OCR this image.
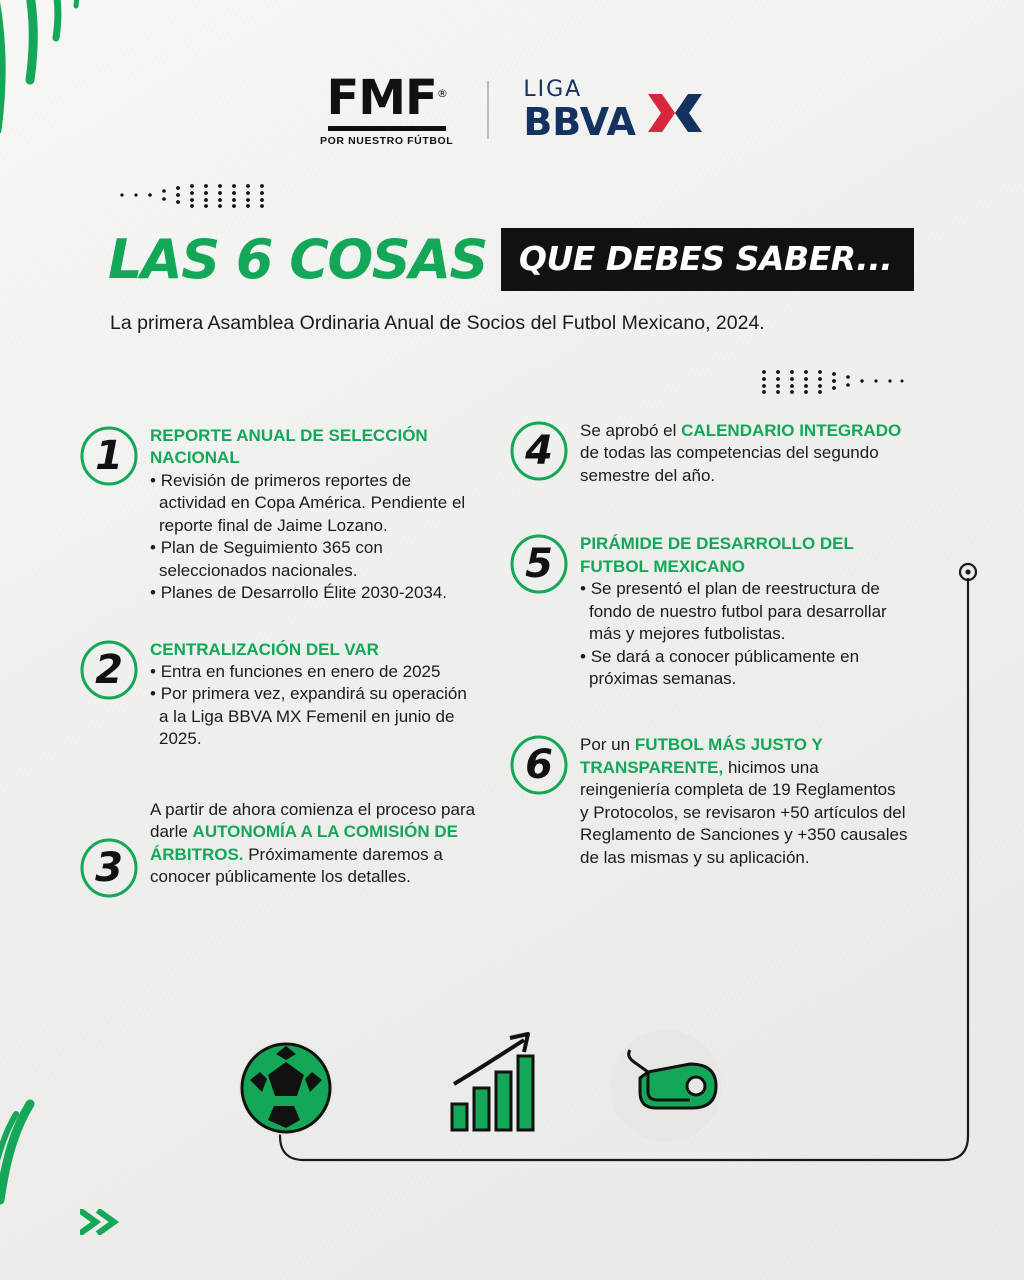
FMF®
POR NUESTRO FÚTBOL
LIGA
BBVA
LAS 6 COSAS QUE DEBES SABER...
La primera Asamblea Ordinaria Anual de Socios del Futbol Mexicano, 2024.
1	REPORTE ANUAL DE SELECCIÓN NACIONAL
• Revisión de primeros reportes de actividad en Copa América. Pendiente el reporte final de Jaime Lozano.
• Plan de Seguimiento 365 con seleccionados nacionales.
• Planes de Desarrollo Élite 2030-2034.
2	CENTRALIZACIÓN DEL VAR
• Entra en funciones en enero de 2025
• Por primera vez, expandirá su operación a la Liga BBVA MX Femenil en junio de 2025.
3
A partir de ahora comienza el proceso para darle AUTONOMÍA A LA COMISIÓN DE ÁRBITROS. Próximamente daremos a conocer públicamente los detalles.
4	Se aprobó el CALENDARIO INTEGRADO de todas las competencias del segundo semestre del año.
5	PIRÁMIDE DE DESARROLLO DEL FUTBOL MEXICANO
• Se presentó el plan de reestructura de fondo de nuestro futbol para desarrollar más y mejores futbolistas.
• Se dará a conocer públicamente en próximas semanas.
6	Por un FUTBOL MÁS JUSTO Y TRANSPARENTE, hicimos una reingeniería completa de 19 Reglamentos y Protocolos, se revisaron +50 artículos del Reglamento de Sanciones y +350 causales de las mismas y su aplicación.
